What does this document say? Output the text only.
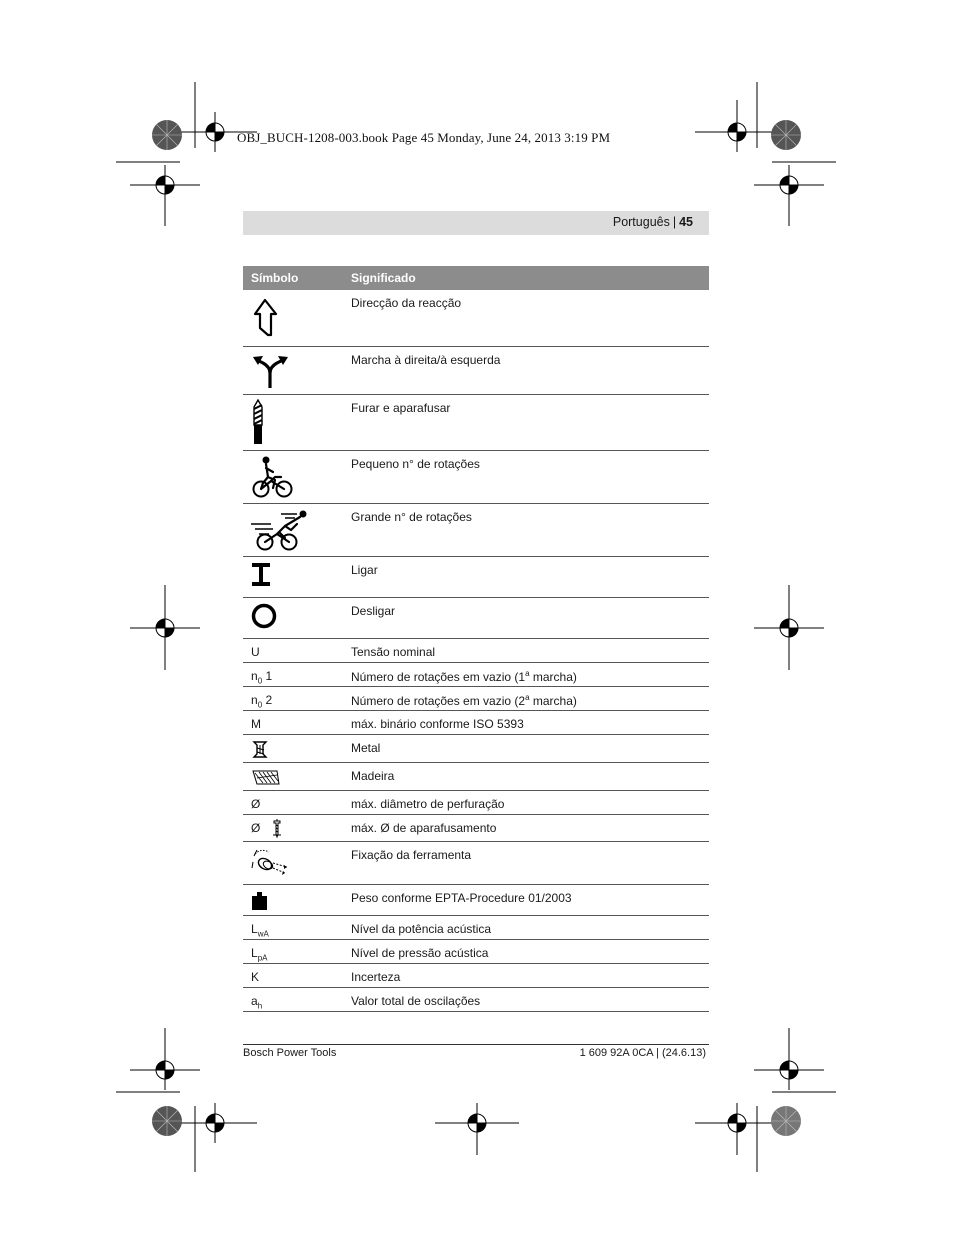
OBJ_BUCH-1208-003.book Page 45 Monday, June 24, 2013 3:19 PM
Português | 45
Símbolo	Significado

	Direcção da reacção

	Marcha à direita/à esquerda

	Furar e aparafusar

	Pequeno n° de rotações

	Grande n° de rotações

	Ligar

	Desligar
U	Tensão nominal
$n_0$ 1	Número de rotações em vazio (1$^a$ marcha)
$n_0$ 2	Número de rotações em vazio (2$^a$ marcha)
M	máx. binário conforme ISO 5393

	Metal

	Madeira
Ø	máx. diâmetro de perfuração
Ø	máx. Ø de aparafusamento

	Fixação da ferramenta

	Peso conforme EPTA-Procedure 01/2003
$L_{wA}$	Nível da potência acústica
$L_{pA}$	Nível de pressão acústica
K	Incerteza
$a_h$	Valor total de oscilações
Bosch Power Tools	1 609 92A 0CA | (24.6.13)
